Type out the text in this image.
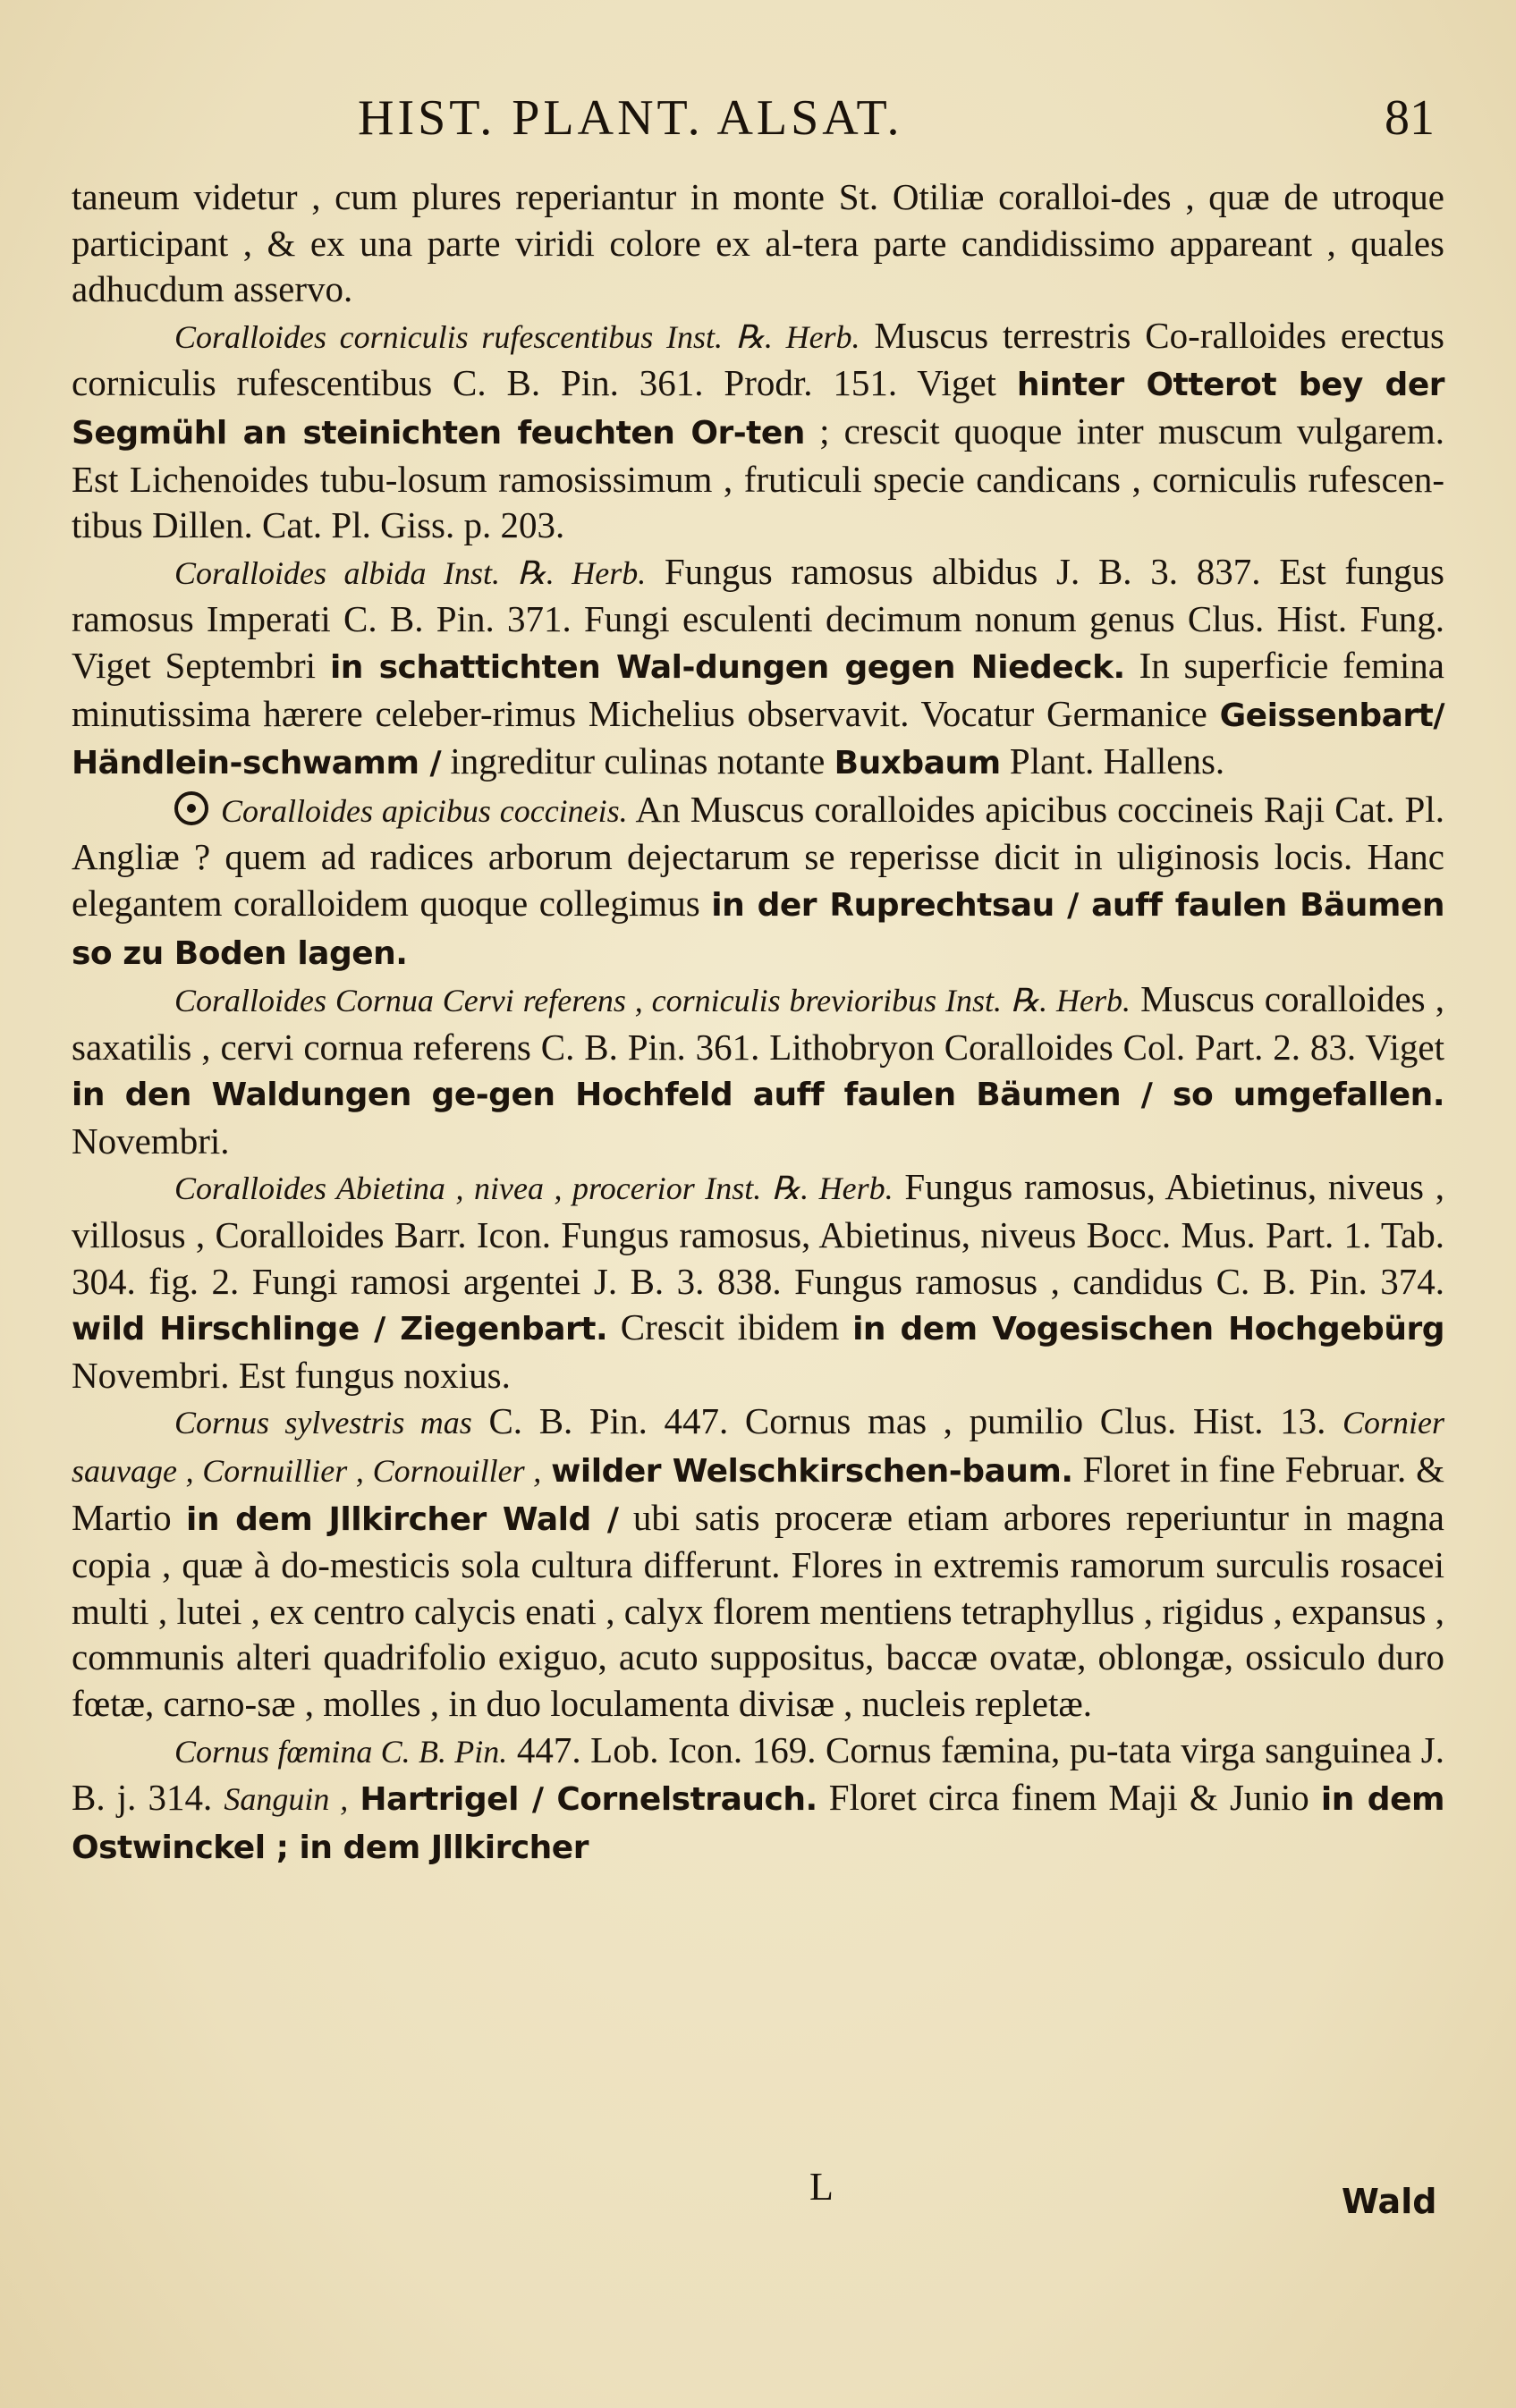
HIST. PLANT. ALSAT.	81

taneum videtur , cum plures reperiantur in monte St. Otiliæ coralloi-des , quæ de utroque participant , & ex una parte viridi colore ex al-tera parte candidissimo appareant , quales adhucdum asservo.

Coralloides corniculis rufescentibus Inst. ℞. Herb. Muscus terrestris Co-ralloides erectus corniculis rufescentibus C. B. Pin. 361. Prodr. 151. Viget hinter Otterot bey der Segmühl an steinichten feuchten Or-ten ; crescit quoque inter muscum vulgarem. Est Lichenoides tubu-losum ramosissimum , fruticuli specie candicans , corniculis rufescen-tibus Dillen. Cat. Pl. Giss. p. 203.

Coralloides albida Inst. ℞. Herb. Fungus ramosus albidus J. B. 3. 837. Est fungus ramosus Imperati C. B. Pin. 371. Fungi esculenti decimum nonum genus Clus. Hist. Fung. Viget Septembri in schattichten Wal-dungen gegen Niedeck. In superficie femina minutissima hærere celeber-rimus Michelius observavit. Vocatur Germanice Geissenbart/ Händlein-schwamm / ingreditur culinas notante Buxbaum Plant. Hallens.

Coralloides apicibus coccineis. An Muscus coralloides apicibus coccineis Raji Cat. Pl. Angliæ ? quem ad radices arborum dejectarum se reperisse dicit in uliginosis locis. Hanc elegantem coralloidem quoque collegimus in der Ruprechtsau / auff faulen Bäumen so zu Boden lagen.

Coralloides Cornua Cervi referens , corniculis brevioribus Inst. ℞. Herb. Muscus coralloides , saxatilis , cervi cornua referens C. B. Pin. 361. Lithobryon Coralloides Col. Part. 2. 83. Viget in den Waldungen ge-gen Hochfeld auff faulen Bäumen / so umgefallen. Novembri.

Coralloides Abietina , nivea , procerior Inst. ℞. Herb. Fungus ramosus, Abietinus, niveus , villosus , Coralloides Barr. Icon. Fungus ramosus, Abietinus, niveus Bocc. Mus. Part. 1. Tab. 304. fig. 2. Fungi ramosi argentei J. B. 3. 838. Fungus ramosus , candidus C. B. Pin. 374. wild Hirschlinge / Ziegenbart. Crescit ibidem in dem Vogesischen Hochgebürg Novembri. Est fungus noxius.

Cornus sylvestris mas C. B. Pin. 447. Cornus mas , pumilio Clus. Hist. 13. Cornier sauvage , Cornuillier , Cornouiller , wilder Welschkirschen-baum. Floret in fine Februar. & Martio in dem Jllkircher Wald / ubi satis proceræ etiam arbores reperiuntur in magna copia , quæ à do-mesticis sola cultura differunt. Flores in extremis ramorum surculis rosacei multi , lutei , ex centro calycis enati , calyx florem mentiens tetraphyllus , rigidus , expansus , communis alteri quadrifolio exiguo, acuto suppositus, baccæ ovatæ, oblongæ, ossiculo duro fœtæ, carno-sæ , molles , in duo loculamenta divisæ , nucleis repletæ.

Cornus fœmina C. B. Pin. 447. Lob. Icon. 169. Cornus fæmina, pu-tata virga sanguinea J. B. j. 314. Sanguin , Hartrigel / Cornelstrauch. Floret circa finem Maji & Junio in dem Ostwinckel ; in dem Jllkircher

L	Wald
